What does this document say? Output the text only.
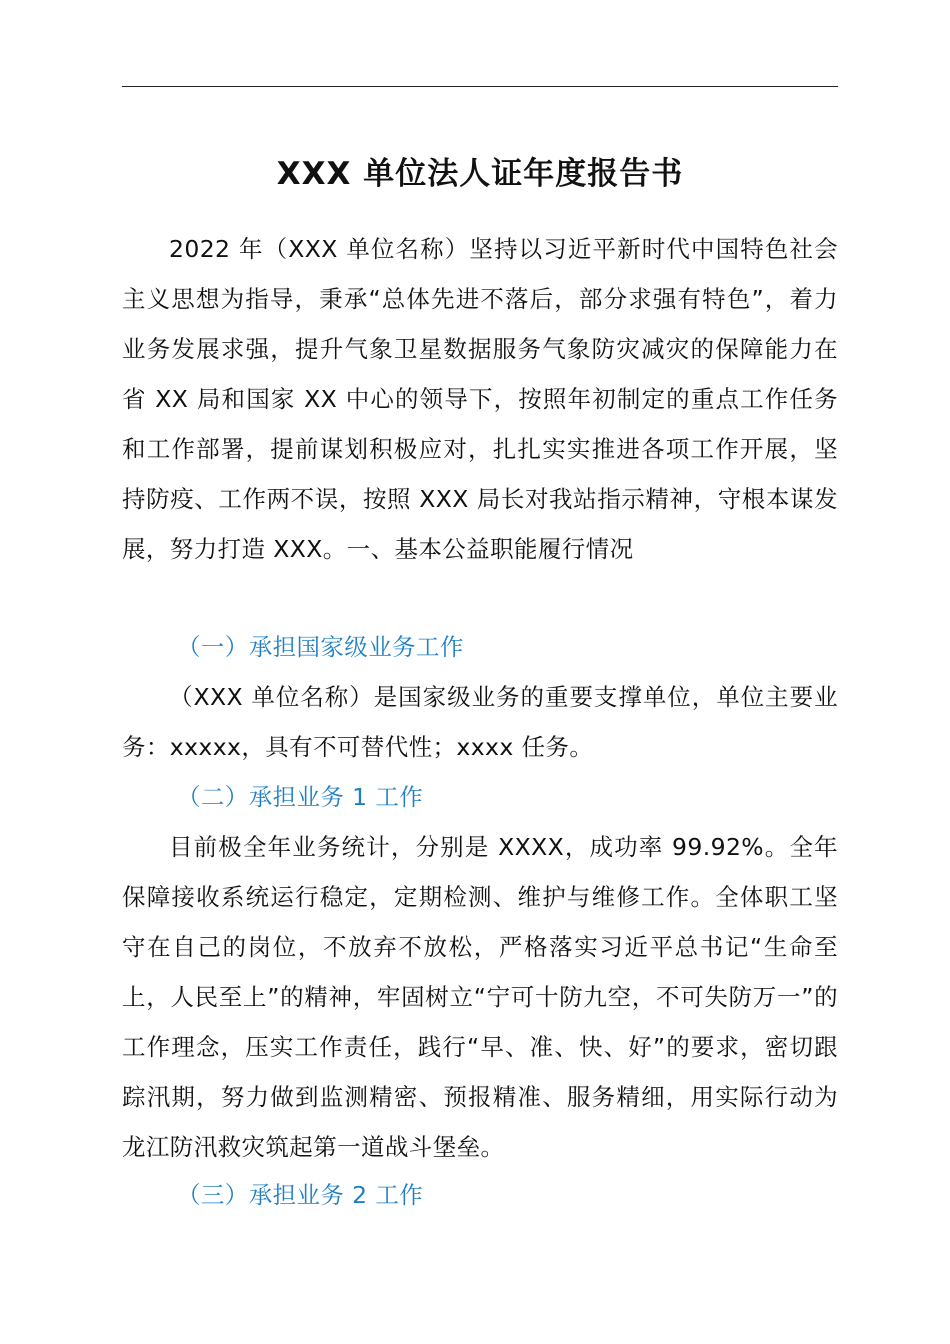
XXX 单位法人证年度报告书

2022 年（XXX 单位名称）坚持以习近平新时代中国特色社会主义思想为指导，秉承“总体先进不落后，部分求强有特色”，着力业务发展求强，提升气象卫星数据服务气象防灾减灾的保障能力在省 XX 局和国家 XX 中心的领导下，按照年初制定的重点工作任务和工作部署，提前谋划积极应对，扎扎实实推进各项工作开展，坚持防疫、工作两不误，按照 XXX 局长对我站指示精神，守根本谋发展，努力打造 XXX。一、基本公益职能履行情况

（一）承担国家级业务工作

（XXX 单位名称）是国家级业务的重要支撑单位，单位主要业务：xxxxx，具有不可替代性；xxxx 任务。

（二）承担业务 1 工作

目前极全年业务统计，分别是 XXXX，成功率 99.92%。全年保障接收系统运行稳定，定期检测、维护与维修工作。全体职工坚守在自己的岗位，不放弃不放松，严格落实习近平总书记“生命至上，人民至上”的精神，牢固树立“宁可十防九空，不可失防万一”的工作理念，压实工作责任，践行“早、准、快、好”的要求，密切跟踪汛期，努力做到监测精密、预报精准、服务精细，用实际行动为龙江防汛救灾筑起第一道战斗堡垒。

（三）承担业务 2 工作
